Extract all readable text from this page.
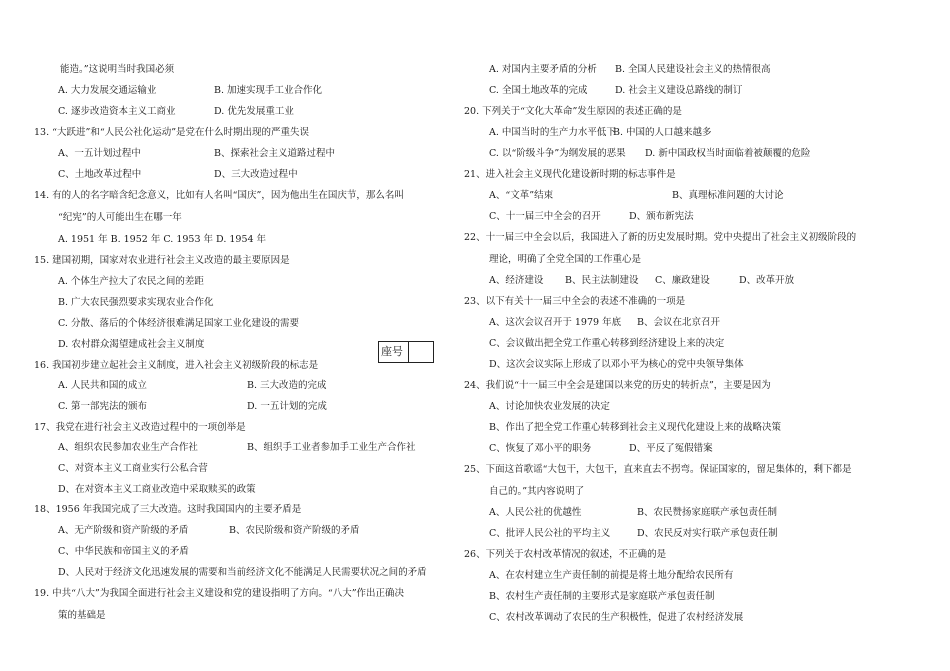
能造。”这说明当时我国必须
A. 大力发展交通运输业	B. 加速实现手工业合作化
C. 逐步改造资本主义工商业	D. 优先发展重工业
13. “大跃进”和“人民公社化运动”是党在什么时期出现的严重失误
A、一五计划过程中	B、探索社会主义道路过程中
C、土地改革过程中	D、三大改造过程中
14. 有的人的名字暗含纪念意义，比如有人名叫“国庆”，因为他出生在国庆节，那么名叫
“纪宪”的人可能出生在哪一年
A. 1951 年 B. 1952 年 C. 1953 年 D. 1954 年
15. 建国初期，国家对农业进行社会主义改造的最主要原因是
A. 个体生产拉大了农民之间的差距
B. 广大农民强烈要求实现农业合作化
C. 分散、落后的个体经济很难满足国家工业化建设的需要
D. 农村群众渴望建成社会主义制度
16. 我国初步建立起社会主义制度，进入社会主义初级阶段的标志是
A. 人民共和国的成立	B. 三大改造的完成
C. 第一部宪法的颁布	D. 一五计划的完成
17、我党在进行社会主义改造过程中的一项创举是
A、组织农民参加农业生产合作社	B、组织手工业者参加手工业生产合作社
C、对资本主义工商业实行公私合营
D、在对资本主义工商业改造中采取赎买的政策
18、1956 年我国完成了三大改造。这时我国国内的主要矛盾是
A、无产阶级和资产阶级的矛盾	B、农民阶级和资产阶级的矛盾
C、中华民族和帝国主义的矛盾
D、人民对于经济文化迅速发展的需要和当前经济文化不能满足人民需要状况之间的矛盾
19. 中共“八大”为我国全面进行社会主义建设和党的建设指明了方向。“八大”作出正确决
策的基础是
座号
A. 对国内主要矛盾的分析 B. 全国人民建设社会主义的热情很高
C. 全国土地改革的完成	D. 社会主义建设总路线的制订
20. 下列关于“文化大革命”发生原因的表述正确的是
A. 中国当时的生产力水平低下
B. 中国的人口越来越多
C. 以“阶级斗争”为纲发展的恶果 D. 新中国政权当时面临着被颠覆的危险
21、进入社会主义现代化建设新时期的标志事件是
A、“文革”结束	B、真理标准问题的大讨论
C、十一届三中全会的召开	D、颁布新宪法
22、十一届三中全会以后，我国进入了新的历史发展时期。党中央提出了社会主义初级阶段的
理论，明确了全党全国的工作重心是
A、经济建设 B、民主法制建设 C、廉政建设	D、改革开放
23、以下有关十一届三中全会的表述不准确的一项是
A、这次会议召开于 1979 年底 B、会议在北京召开
C、会议做出把全党工作重心转移到经济建设上来的决定
D、这次会议实际上形成了以邓小平为核心的党中央领导集体
24、我们说“十一届三中全会是建国以来党的历史的转折点”，主要是因为
A、讨论加快农业发展的决定
B、作出了把全党工作重心转移到社会主义现代化建设上来的战略决策
C、恢复了邓小平的职务	D、平反了冤假错案
25、下面这首歌谣“大包干，大包干，直来直去不拐弯。保证国家的，留足集体的，剩下都是
自己的。”其内容说明了
A、人民公社的优越性	B、农民赞扬家庭联产承包责任制
C、批评人民公社的平均主义	D、农民反对实行联产承包责任制
26、下列关于农村改革情况的叙述，不正确的是
A、在农村建立生产责任制的前提是将土地分配给农民所有
B、农村生产责任制的主要形式是家庭联产承包责任制
C、农村改革调动了农民的生产积极性，促进了农村经济发展
